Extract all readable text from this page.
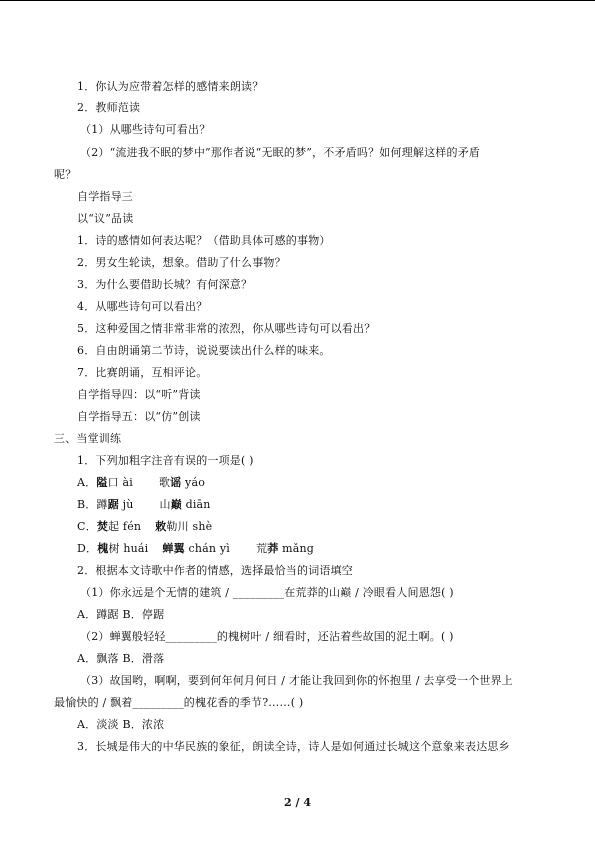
1．你认为应带着怎样的感情来朗读？
2．教师范读
（1）从哪些诗句可看出？
（2）“流进我不眠的梦中”那作者说“无眠的梦”，不矛盾吗？如何理解这样的矛盾
呢？
自学指导三
以“议”品读
1．诗的感情如何表达呢？（借助具体可感的事物）
2．男女生轮读，想象。借助了什么事物？
3．为什么要借助长城？有何深意？
4．从哪些诗句可以看出？
5．这种爱国之情非常非常的浓烈，你从哪些诗句可以看出？
6．自由朗诵第二节诗，说说要读出什么样的味来。
7．比赛朗诵，互相评论。
自学指导四：以“听”背读
自学指导五：以“仿”创读
三、当堂训练
1．下列加粗字注音有误的一项是( )
A．隘口 ài 歌谣 yáo
B．蹲踞 jù 山巅 diān
C．焚起 fén 敕勒川 shè
D．槐树 huái 蝉翼 chán yì 荒莽 mǎng
2．根据本文诗歌中作者的情感，选择最恰当的词语填空
（1）你永远是个无情的建筑 / _________在荒莽的山巅 / 冷眼看人间恩怨( )
A．蹲踞 B．停踞
（2）蝉翼般轻轻_________的槐树叶 / 细看时，还沾着些故国的泥土啊。( )
A．飘落 B．滑落
（3）故国哟，啊啊，要到何年何月何日 / 才能让我回到你的怀抱里 / 去享受一个世界上
最愉快的 / 飘着_________的槐花香的季节?……( )
A．淡淡 B．浓浓
3．长城是伟大的中华民族的象征，朗读全诗，诗人是如何通过长城这个意象来表达思乡
2 / 4
